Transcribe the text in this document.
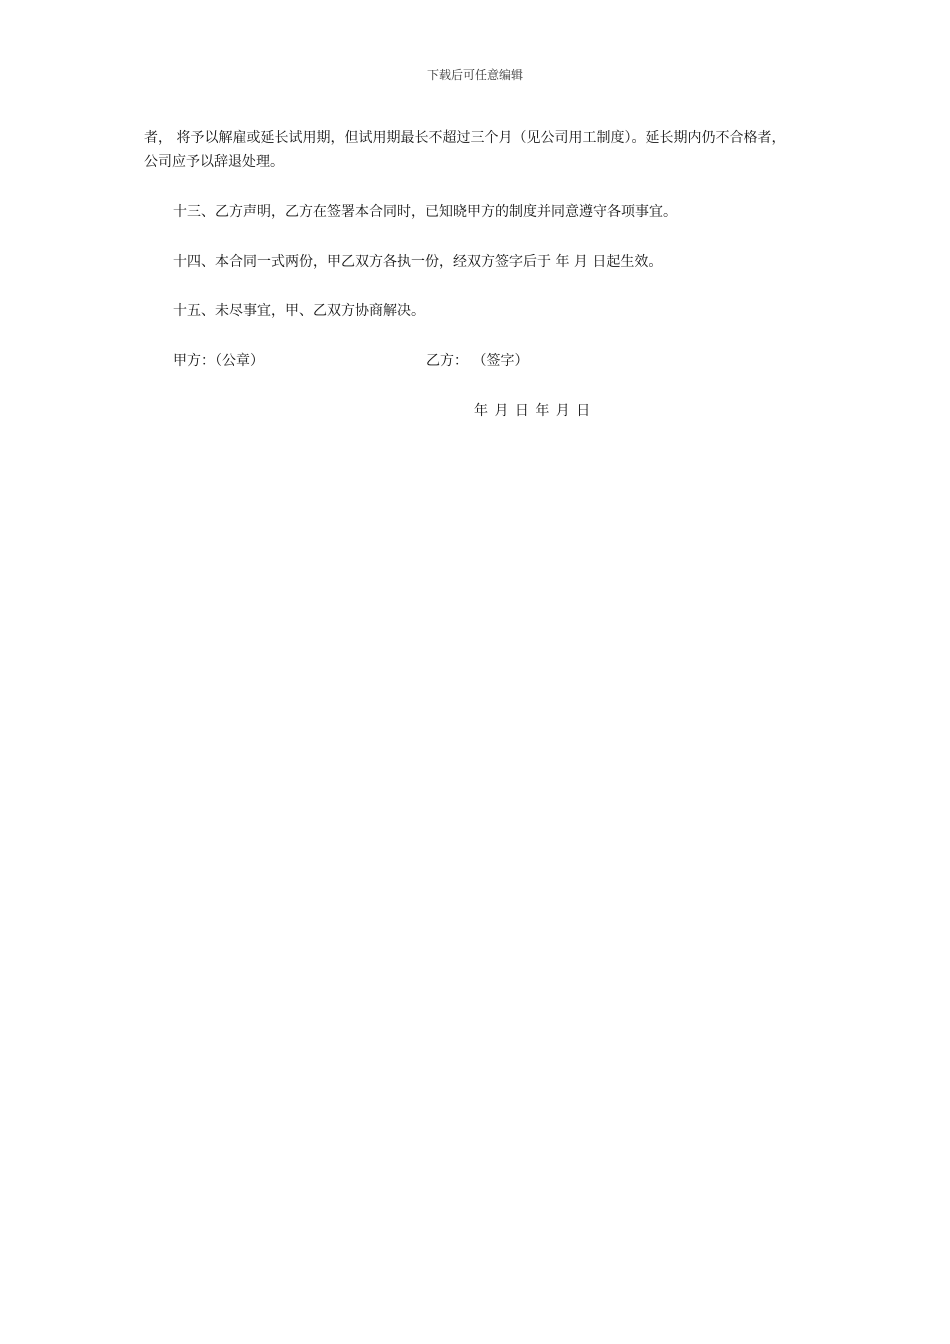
下载后可任意编辑
者， 将予以解雇或延长试用期，但试用期最长不超过三个月（见公司用工制度）。延长期内仍不合格者，
公司应予以辞退处理。
十三、乙方声明，乙方在签署本合同时，已知晓甲方的制度并同意遵守各项事宜。
十四、本合同一式两份，甲乙双方各执一份，经双方签字后于 年 月 日起生效。
十五、未尽事宜，甲、乙双方协商解决。
甲方：（公章）	乙方： （签字）
年 月 日 年 月 日
